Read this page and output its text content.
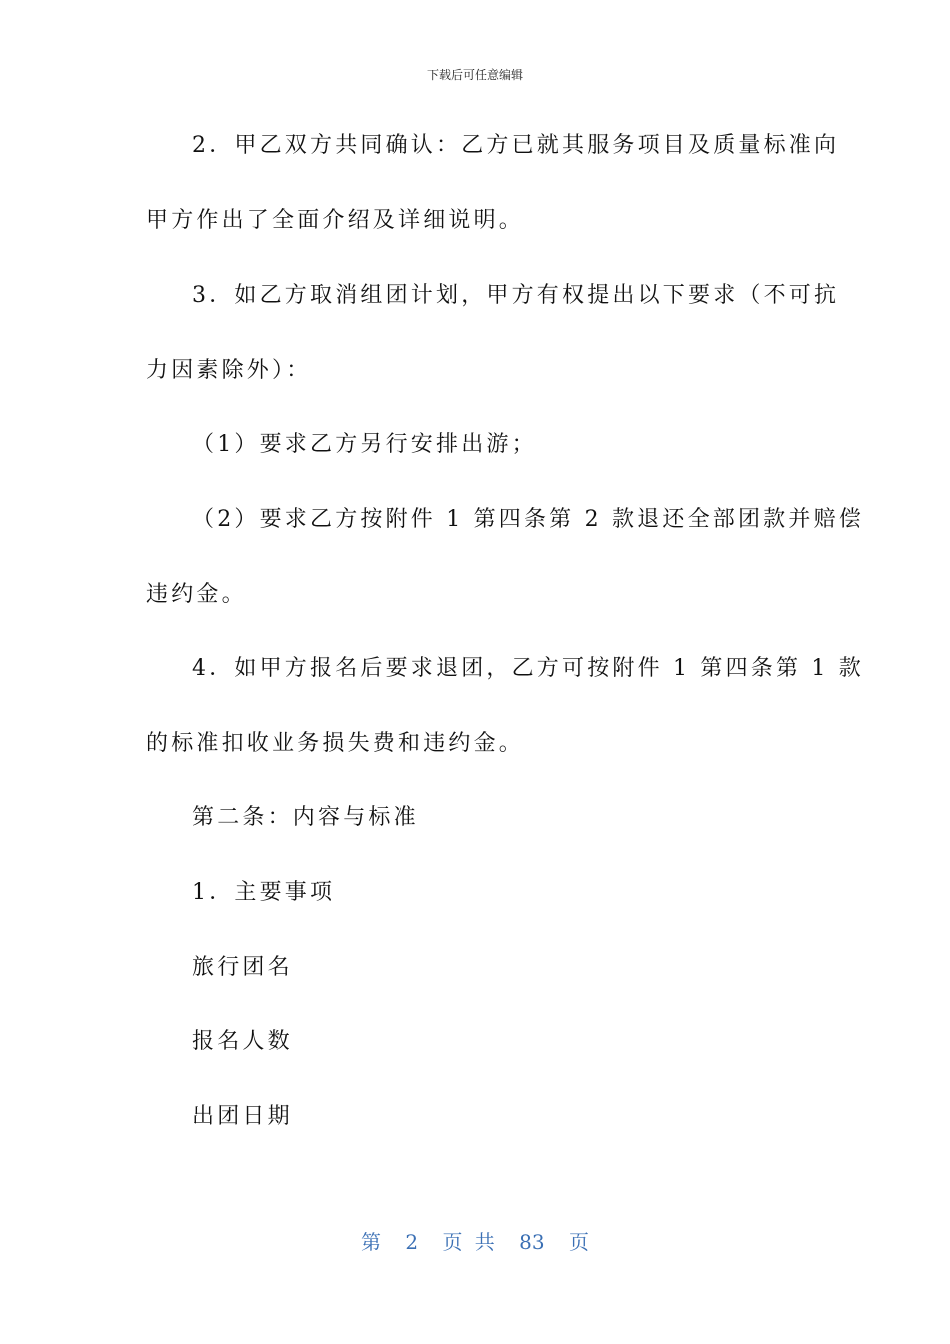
下载后可任意编辑
2．甲乙双方共同确认：乙方已就其服务项目及质量标准向
甲方作出了全面介绍及详细说明。
3．如乙方取消组团计划，甲方有权提出以下要求（不可抗
力因素除外）：
（1）要求乙方另行安排出游；
（2）要求乙方按附件 1 第四条第 2 款退还全部团款并赔偿
违约金。
4．如甲方报名后要求退团，乙方可按附件 1 第四条第 1 款
的标准扣收业务损失费和违约金。
第二条：内容与标准
1．主要事项
旅行团名
报名人数
出团日期
第 2 页 共 83 页
